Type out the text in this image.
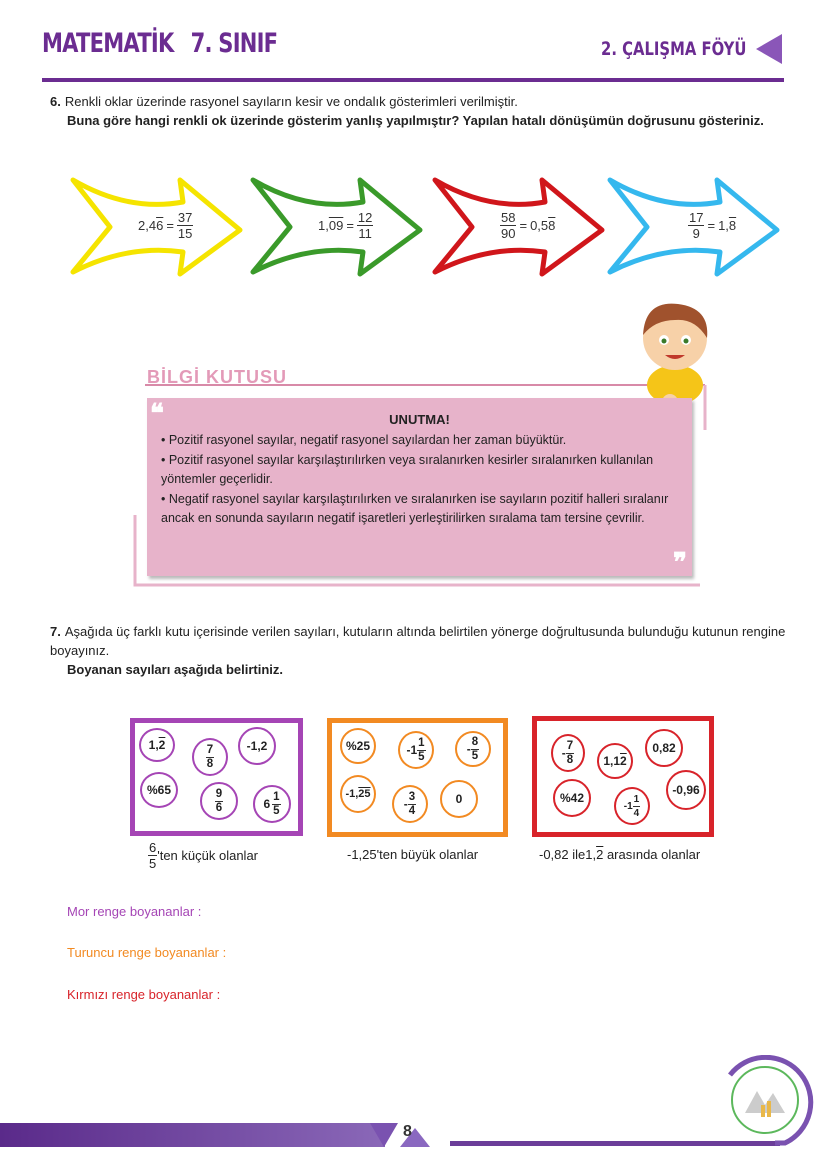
MATEMATİK 7. SINIF	2. ÇALIŞMA FÖYÜ
6. Renkli oklar üzerinde rasyonel sayıların kesir ve ondalık gösterimleri verilmiştir.
Buna göre hangi renkli ok üzerinde gösterim yanlış yapılmıştır? Yapılan hatalı dönüşümün doğrusunu gösteriniz.
2,4 $6 = \frac{37}{15}$	1, $09 = \frac{12}{11}$	$\frac{58}{90} = 0,5$ 8	$\frac{17}{9} = 1$, 8
BİLGİ KUTUSU
❝
❞
UNUTMA!

• Pozitif rasyonel sayılar, negatif rasyonel sayılardan her zaman büyüktür.

• Pozitif rasyonel sayılar karşılaştırılırken veya sıralanırken kesirler sıralanırken kullanılan yöntemler geçerlidir.

• Negatif rasyonel sayılar karşılaştırılırken ve sıralanırken ise sayıların pozitif halleri sıralanır ancak en sonunda sayıların negatif işaretleri yerleştirilirken sıralama tam tersine çevrilir.

7. Aşağıda üç farklı kutu içerisinde verilen sayıları, kutuların altında belirtilen yönerge doğrultusunda bulunduğu kutunun rengine boyayınız.
Boyanan sayıları aşağıda belirtiniz.
1, 2	$\frac{7}{8}$	-1,2
%65	$\frac{9}{6}$	$6 \frac{1}{5}$
$\frac{6}{5}$ 'ten küçük olanlar
%25	$-1 \frac{1}{5}$	- $\frac{8}{5}$
-1, 25
- $\frac{3}{4}$	0
-1,25'ten büyük olanlar
- $\frac{7}{8} 1,1$ 2
0,82
%42
$-1 \frac{1}{4}$
-0,96
-0,82 ile1,2 arasında olanlar
Mor renge boyananlar :
Turuncu renge boyananlar :
Kırmızı renge boyananlar :
8
